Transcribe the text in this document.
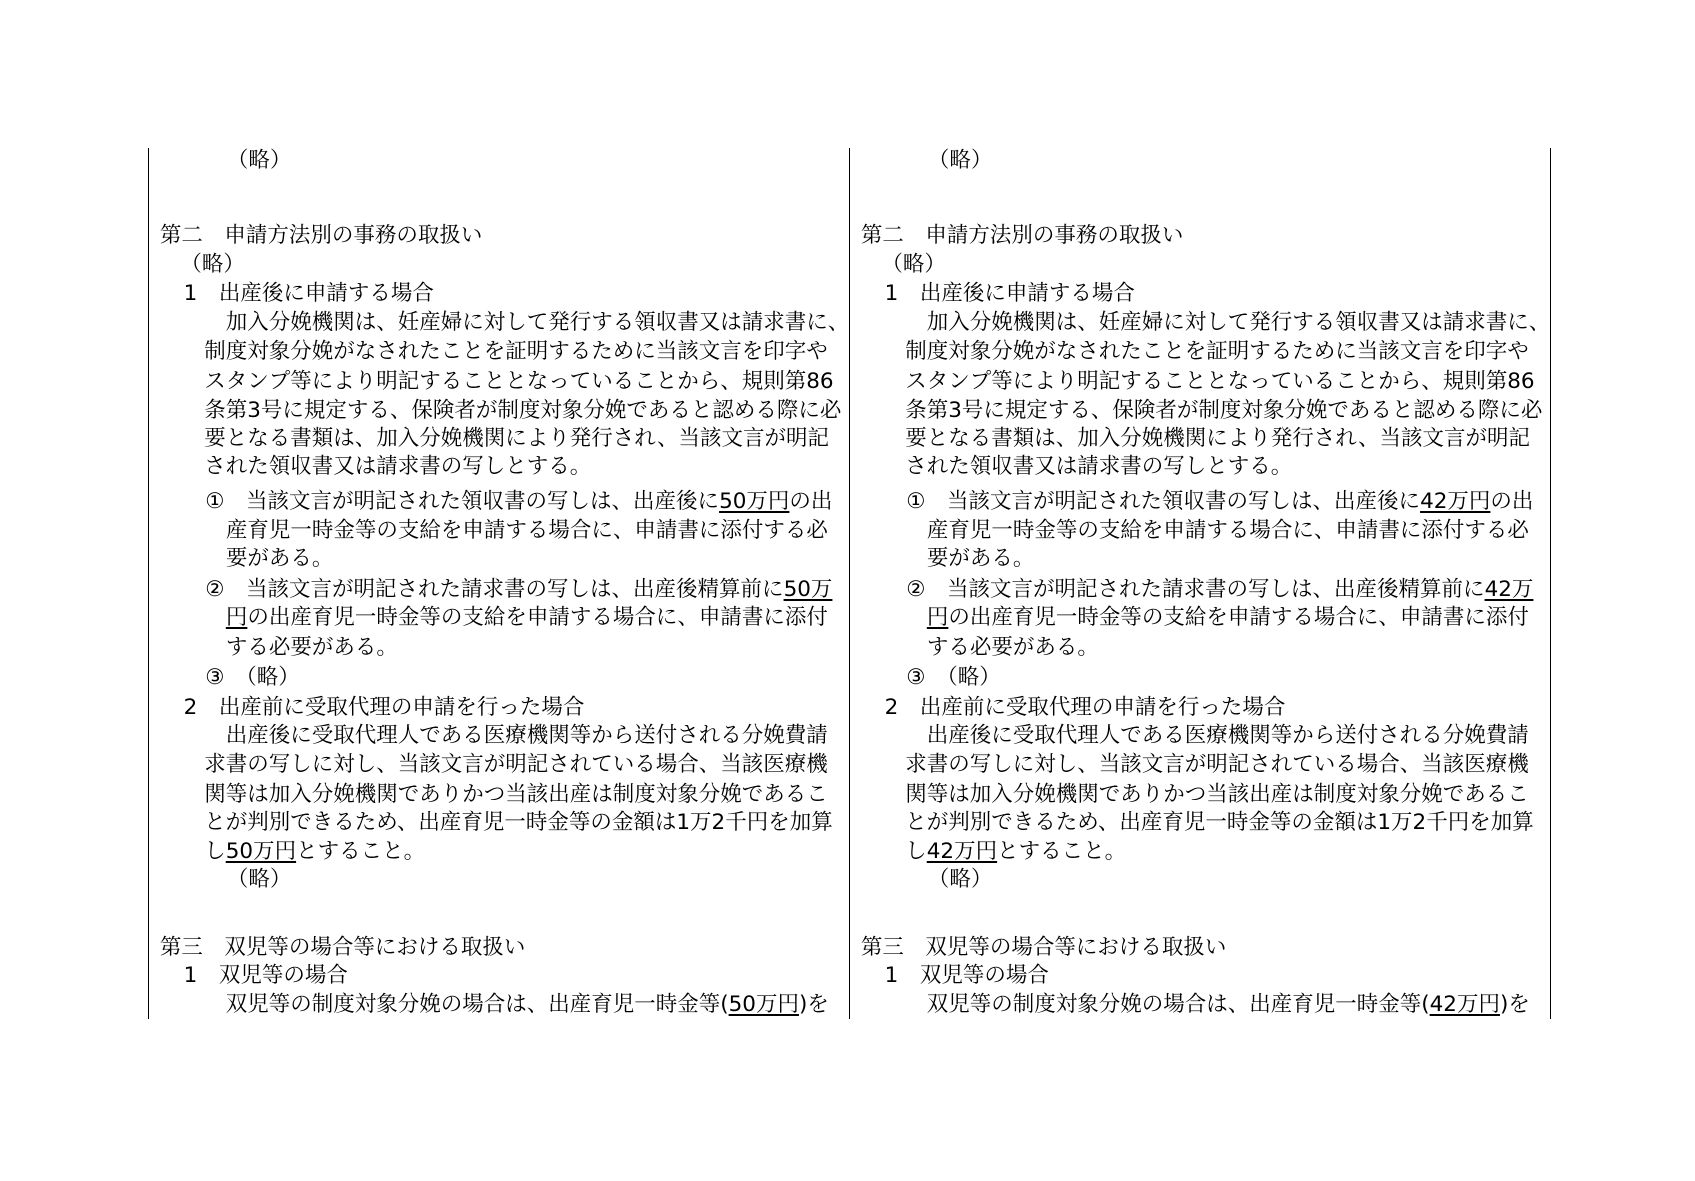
（略）
第二　申請方法別の事務の取扱い
（略）
1　出産後に申請する場合
　加入分娩機関は、妊産婦に対して発行する領収書又は請求書に、
制度対象分娩がなされたことを証明するために当該文言を印字や
スタンプ等により明記することとなっていることから、規則第86
条第3号に規定する、保険者が制度対象分娩であると認める際に必
要となる書類は、加入分娩機関により発行され、当該文言が明記
された領収書又は請求書の写しとする。
①　当該文言が明記された領収書の写しは、出産後に50万円の出
産育児一時金等の支給を申請する場合に、申請書に添付する必
要がある。
②　当該文言が明記された請求書の写しは、出産後精算前に50万
円の出産育児一時金等の支給を申請する場合に、申請書に添付
する必要がある。
③　（略）
2　出産前に受取代理の申請を行った場合
　出産後に受取代理人である医療機関等から送付される分娩費請
求書の写しに対し、当該文言が明記されている場合、当該医療機
関等は加入分娩機関でありかつ当該出産は制度対象分娩であるこ
とが判別できるため、出産育児一時金等の金額は1万2千円を加算
し50万円とすること。
（略）
第三　双児等の場合等における取扱い
1　双児等の場合
　双児等の制度対象分娩の場合は、出産育児一時金等(50万円)を
（略）
第二　申請方法別の事務の取扱い
（略）
1　出産後に申請する場合
　加入分娩機関は、妊産婦に対して発行する領収書又は請求書に、
制度対象分娩がなされたことを証明するために当該文言を印字や
スタンプ等により明記することとなっていることから、規則第86
条第3号に規定する、保険者が制度対象分娩であると認める際に必
要となる書類は、加入分娩機関により発行され、当該文言が明記
された領収書又は請求書の写しとする。
①　当該文言が明記された領収書の写しは、出産後に42万円の出
産育児一時金等の支給を申請する場合に、申請書に添付する必
要がある。
②　当該文言が明記された請求書の写しは、出産後精算前に42万
円の出産育児一時金等の支給を申請する場合に、申請書に添付
する必要がある。
③　（略）
2　出産前に受取代理の申請を行った場合
　出産後に受取代理人である医療機関等から送付される分娩費請
求書の写しに対し、当該文言が明記されている場合、当該医療機
関等は加入分娩機関でありかつ当該出産は制度対象分娩であるこ
とが判別できるため、出産育児一時金等の金額は1万2千円を加算
し42万円とすること。
（略）
第三　双児等の場合等における取扱い
1　双児等の場合
　双児等の制度対象分娩の場合は、出産育児一時金等(42万円)を
